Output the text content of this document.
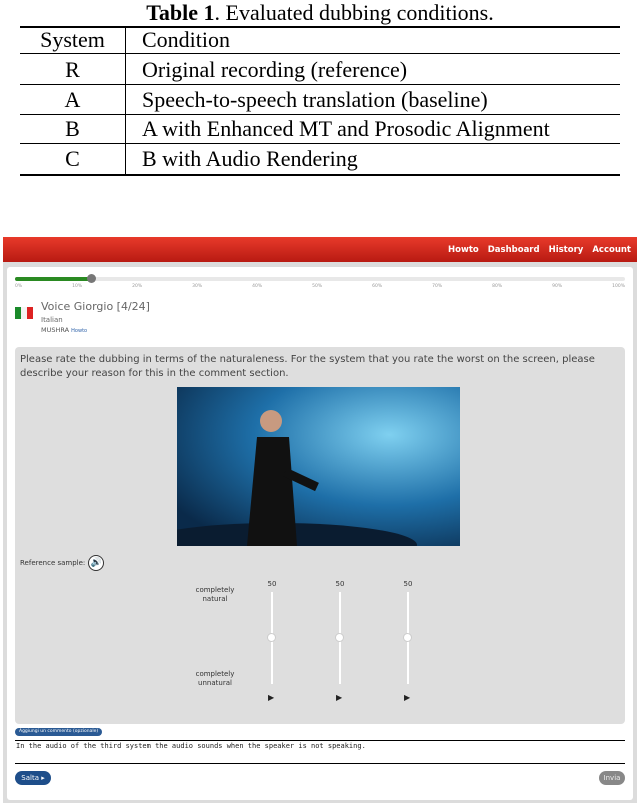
Table 1. Evaluated dubbing conditions.
System	Condition
R	Original recording (reference)
A	Speech-to-speech translation (baseline)
B	A with Enhanced MT and Prosodic Alignment
C	B with Audio Rendering
Howto Dashboard History Account
0%	10%	20%	30%	40%	50%	60%	70%	80%	90%	100%
Voice Giorgio [4/24]
Italian
MUSHRA Howto
Please rate the dubbing in terms of the naturaleness. For the system that you rate the worst on the screen, please describe your reason for this in the comment section.
Reference sample: 🔊
completely natural
completely unnatural
50
▶
50
▶
50
▶
Aggiungi un commento (opzionale)
In the audio of the third system the audio sounds when the speaker is not speaking.
Salta ▸	Invia
